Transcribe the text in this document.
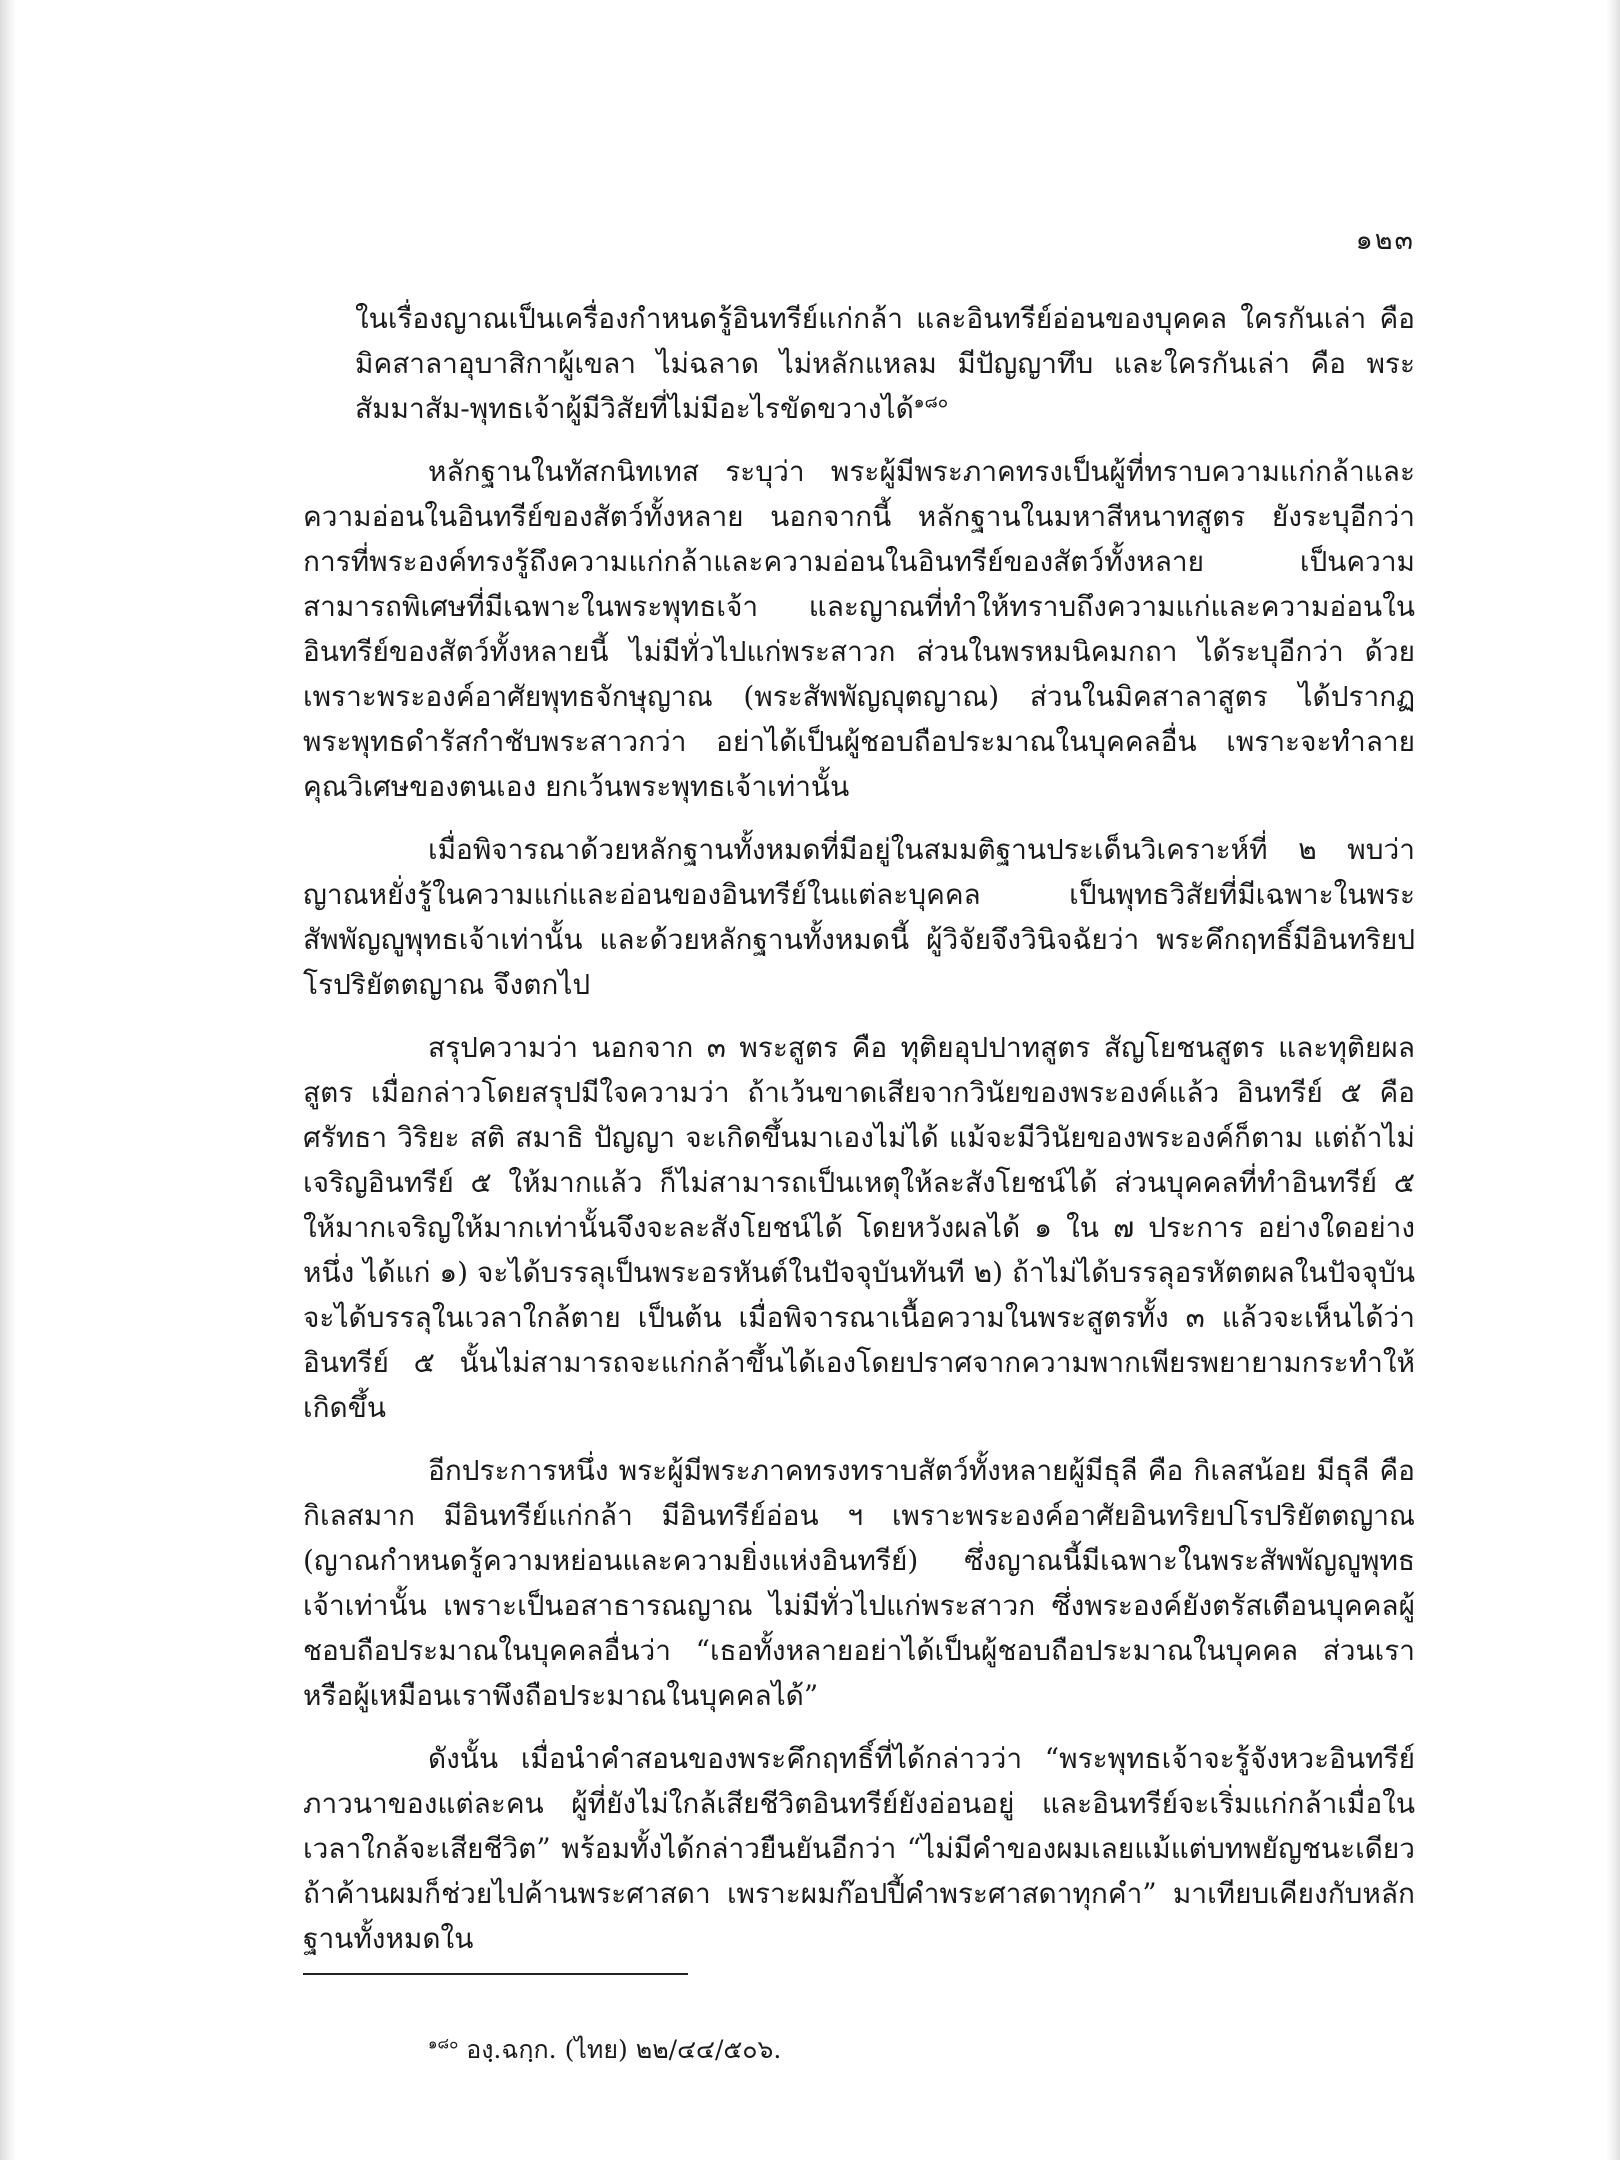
๑๒๓
ในเรื่องญาณเป็นเครื่องกำหนดรู้อินทรีย์แก่กล้า และอินทรีย์อ่อนของบุคคล ใครกันเล่า คือ มิคสาลาอุบาสิกาผู้เขลา ไม่ฉลาด ไม่หลักแหลม มีปัญญาทึบ และใครกันเล่า คือ พระสัมมาสัม-พุทธเจ้าผู้มีวิสัยที่ไม่มีอะไรขัดขวางได้$^{๑๘๐}$

หลักฐานในทัสกนิทเทส ระบุว่า พระผู้มีพระภาคทรงเป็นผู้ที่ทราบความแก่กล้าและความอ่อนในอินทรีย์ของสัตว์ทั้งหลาย นอกจากนี้ หลักฐานในมหาสีหนาทสูตร ยังระบุอีกว่า การที่พระองค์ทรงรู้ถึงความแก่กล้าและความอ่อนในอินทรีย์ของสัตว์ทั้งหลาย เป็นความสามารถพิเศษที่มีเฉพาะในพระพุทธเจ้า และญาณที่ทำให้ทราบถึงความแก่และความอ่อนในอินทรีย์ของสัตว์ทั้งหลายนี้ ไม่มีทั่วไปแก่พระสาวก ส่วนในพรหมนิคมกถา ได้ระบุอีกว่า ด้วยเพราะพระองค์อาศัยพุทธจักษุญาณ (พระสัพพัญญุตญาณ) ส่วนในมิคสาลาสูตร ได้ปรากฏพระพุทธดำรัสกำชับพระสาวกว่า อย่าได้เป็นผู้ชอบถือประมาณในบุคคลอื่น เพราะจะทำลายคุณวิเศษของตนเอง ยกเว้นพระพุทธเจ้าเท่านั้น

เมื่อพิจารณาด้วยหลักฐานทั้งหมดที่มีอยู่ในสมมติฐานประเด็นวิเคราะห์ที่ ๒ พบว่า ญาณหยั่งรู้ในความแก่และอ่อนของอินทรีย์ในแต่ละบุคคล เป็นพุทธวิสัยที่มีเฉพาะในพระสัพพัญญูพุทธเจ้าเท่านั้น และด้วยหลักฐานทั้งหมดนี้ ผู้วิจัยจึงวินิจฉัยว่า พระคึกฤทธิ์มีอินทริยปโรปริยัตตญาณ จึงตกไป

สรุปความว่า นอกจาก ๓ พระสูตร คือ ทุติยอุปปาทสูตร สัญโยชนสูตร และทุติยผลสูตร เมื่อกล่าวโดยสรุปมีใจความว่า ถ้าเว้นขาดเสียจากวินัยของพระองค์แล้ว อินทรีย์ ๕ คือ ศรัทธา วิริยะ สติ สมาธิ ปัญญา จะเกิดขึ้นมาเองไม่ได้ แม้จะมีวินัยของพระองค์ก็ตาม แต่ถ้าไม่เจริญอินทรีย์ ๕ ให้มากแล้ว ก็ไม่สามารถเป็นเหตุให้ละสังโยชน์ได้ ส่วนบุคคลที่ทำอินทรีย์ ๕ ให้มากเจริญให้มากเท่านั้นจึงจะละสังโยชน์ได้ โดยหวังผลได้ ๑ ใน ๗ ประการ อย่างใดอย่างหนึ่ง ได้แก่ ๑) จะได้บรรลุเป็นพระอรหันต์ในปัจจุบันทันที ๒) ถ้าไม่ได้บรรลุอรหัตตผลในปัจจุบัน จะได้บรรลุในเวลาใกล้ตาย เป็นต้น เมื่อพิจารณาเนื้อความในพระสูตรทั้ง ๓ แล้วจะเห็นได้ว่า อินทรีย์ ๕ นั้นไม่สามารถจะแก่กล้าขึ้นได้เองโดยปราศจากความพากเพียรพยายามกระทำให้เกิดขึ้น

อีกประการหนึ่ง พระผู้มีพระภาคทรงทราบสัตว์ทั้งหลายผู้มีธุลี คือ กิเลสน้อย มีธุลี คือ กิเลสมาก มีอินทรีย์แก่กล้า มีอินทรีย์อ่อน ฯ เพราะพระองค์อาศัยอินทริยปโรปริยัตตญาณ (ญาณกำหนดรู้ความหย่อนและความยิ่งแห่งอินทรีย์) ซึ่งญาณนี้มีเฉพาะในพระสัพพัญญูพุทธเจ้าเท่านั้น เพราะเป็นอสาธารณญาณ ไม่มีทั่วไปแก่พระสาวก ซึ่งพระองค์ยังตรัสเตือนบุคคลผู้ชอบถือประมาณในบุคคลอื่นว่า “เธอทั้งหลายอย่าได้เป็นผู้ชอบถือประมาณในบุคคล ส่วนเราหรือผู้เหมือนเราพึงถือประมาณในบุคคลได้”

ดังนั้น เมื่อนำคำสอนของพระคึกฤทธิ์ที่ได้กล่าวว่า “พระพุทธเจ้าจะรู้จังหวะอินทรีย์ภาวนาของแต่ละคน ผู้ที่ยังไม่ใกล้เสียชีวิตอินทรีย์ยังอ่อนอยู่ และอินทรีย์จะเริ่มแก่กล้าเมื่อในเวลาใกล้จะเสียชีวิต” พร้อมทั้งได้กล่าวยืนยันอีกว่า “ไม่มีคำของผมเลยแม้แต่บทพยัญชนะเดียว ถ้าค้านผมก็ช่วยไปค้านพระศาสดา เพราะผมก๊อปปี้คำพระศาสดาทุกคำ” มาเทียบเคียงกับหลักฐานทั้งหมดใน

$^{๑๘๐}$ องฺ.ฉกฺก. (ไทย) ๒๒/๔๔/๕๐๖.
